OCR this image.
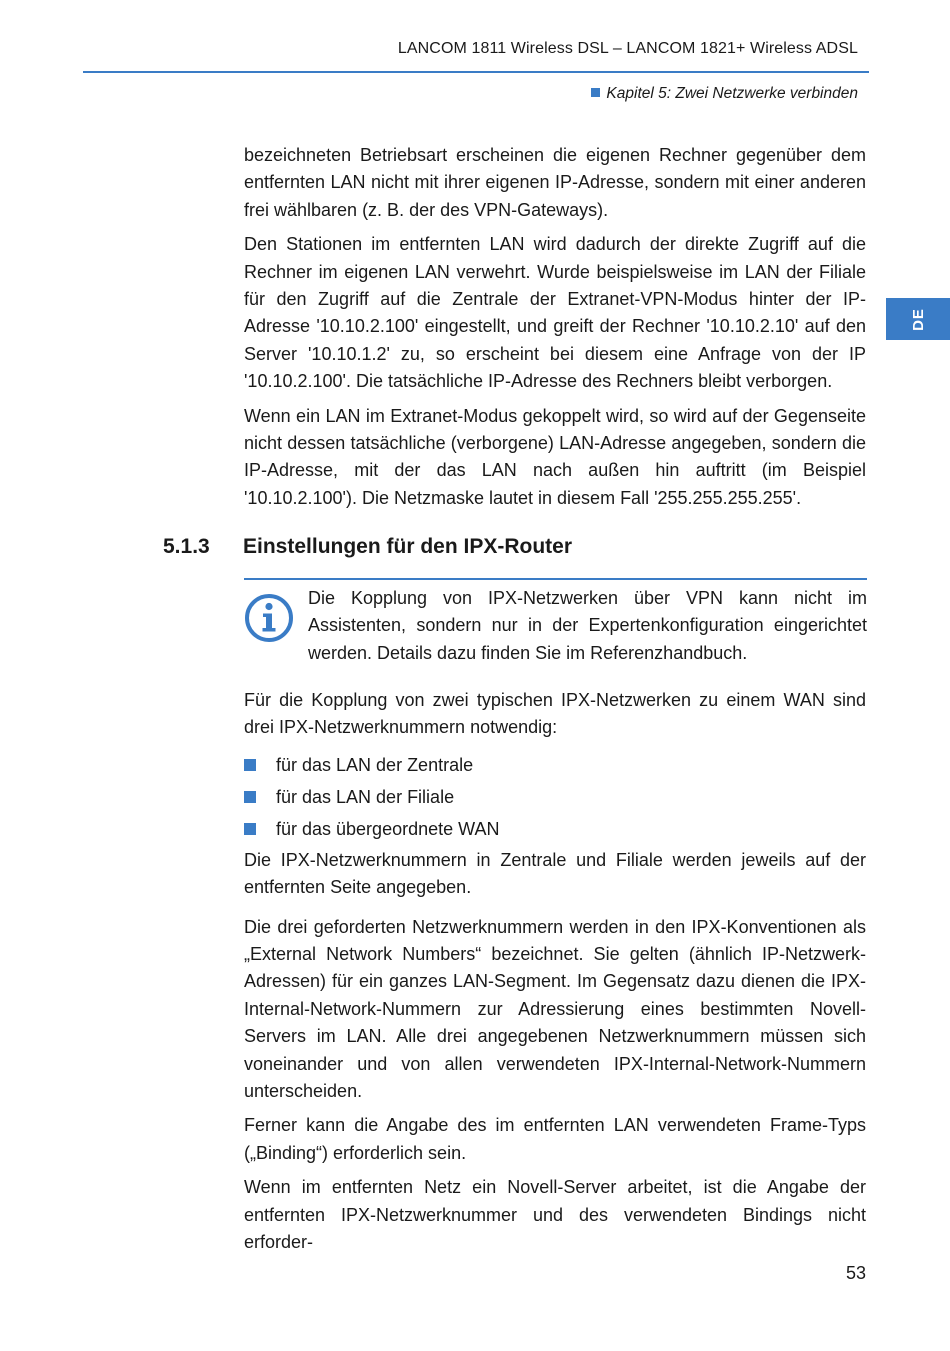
LANCOM 1811 Wireless DSL – LANCOM 1821+ Wireless ADSL
Kapitel 5: Zwei Netzwerke verbinden
DE

bezeichneten Betriebsart erscheinen die eigenen Rechner gegenüber dem entfernten LAN nicht mit ihrer eigenen IP-Adresse, sondern mit einer anderen frei wählbaren (z. B. der des VPN-Gateways).

Den Stationen im entfernten LAN wird dadurch der direkte Zugriff auf die Rechner im eigenen LAN verwehrt. Wurde beispielsweise im LAN der Filiale für den Zugriff auf die Zentrale der Extranet-VPN-Modus hinter der IP-Adresse '10.10.2.100' eingestellt, und greift der Rechner '10.10.2.10' auf den Server '10.10.1.2' zu, so erscheint bei diesem eine Anfrage von der IP '10.10.2.100'. Die tatsächliche IP-Adresse des Rechners bleibt verborgen.

Wenn ein LAN im Extranet-Modus gekoppelt wird, so wird auf der Gegenseite nicht dessen tatsächliche (verborgene) LAN-Adresse angegeben, sondern die IP-Adresse, mit der das LAN nach außen hin auftritt (im Beispiel '10.10.2.100'). Die Netzmaske lautet in diesem Fall '255.255.255.255'.

5.1.3 Einstellungen für den IPX-Router
Die Kopplung von IPX-Netzwerken über VPN kann nicht im Assistenten, sondern nur in der Expertenkonfiguration eingerichtet werden. Details dazu finden Sie im Referenzhandbuch.

Für die Kopplung von zwei typischen IPX-Netzwerken zu einem WAN sind drei IPX-Netzwerknummern notwendig:

für das LAN der Zentrale
für das LAN der Filiale
für das übergeordnete WAN

Die IPX-Netzwerknummern in Zentrale und Filiale werden jeweils auf der entfernten Seite angegeben.

Die drei geforderten Netzwerknummern werden in den IPX-Konventionen als „External Network Numbers“ bezeichnet. Sie gelten (ähnlich IP-Netzwerk-Adressen) für ein ganzes LAN-Segment. Im Gegensatz dazu dienen die IPX-Internal-Network-Nummern zur Adressierung eines bestimmten Novell-Servers im LAN. Alle drei angegebenen Netzwerknummern müssen sich voneinander und von allen verwendeten IPX-Internal-Network-Nummern unterscheiden.

Ferner kann die Angabe des im entfernten LAN verwendeten Frame-Typs („Binding“) erforderlich sein.

Wenn im entfernten Netz ein Novell-Server arbeitet, ist die Angabe der entfernten IPX-Netzwerknummer und des verwendeten Bindings nicht erforder-

53
